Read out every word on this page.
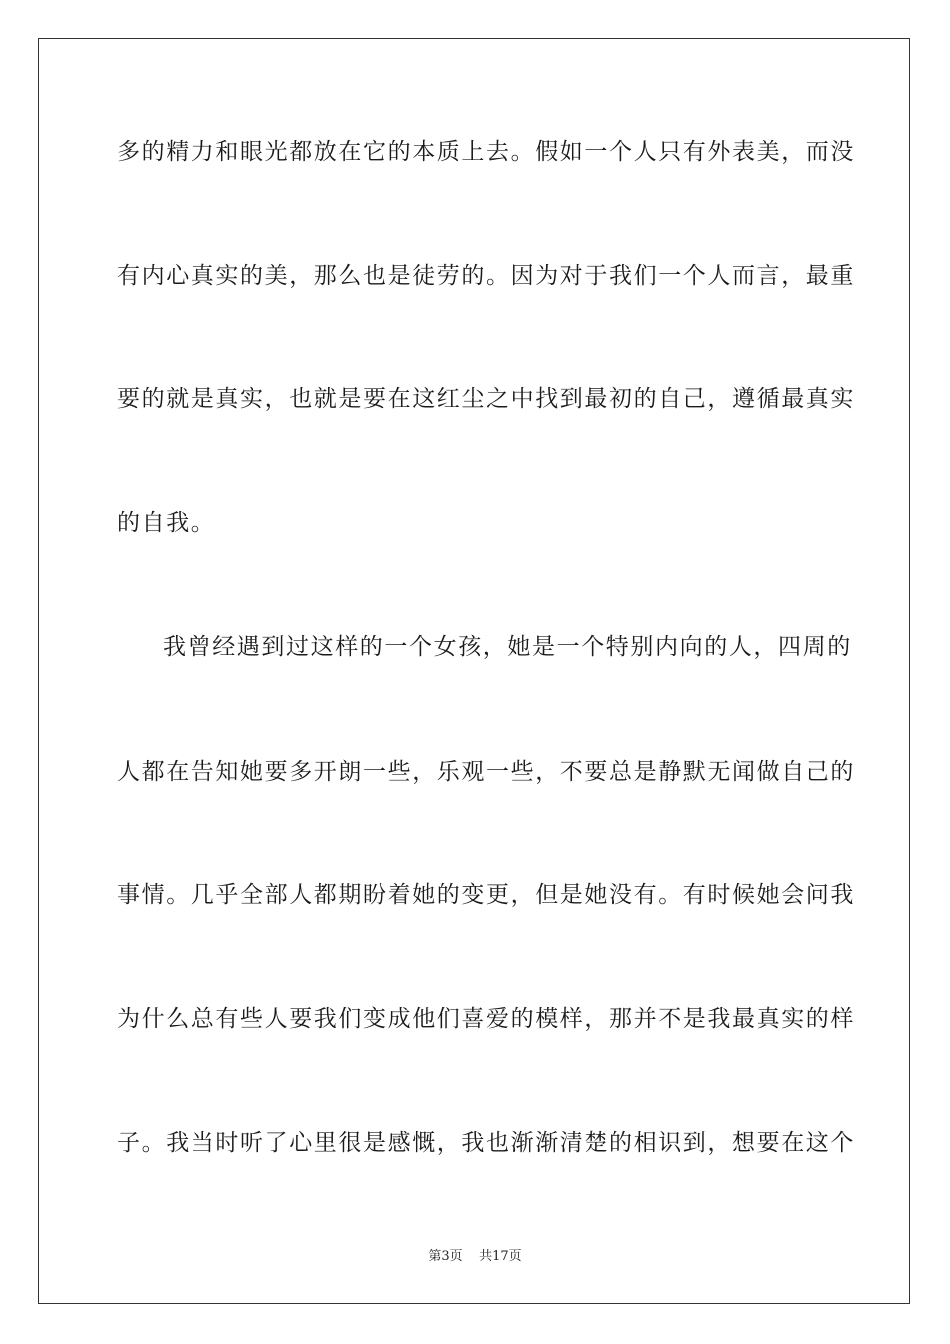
多的精力和眼光都放在它的本质上去。假如一个人只有外表美，而没
有内心真实的美，那么也是徒劳的。因为对于我们一个人而言，最重
要的就是真实，也就是要在这红尘之中找到最初的自己，遵循最真实
的自我。
我曾经遇到过这样的一个女孩，她是一个特别内向的人，四周的
人都在告知她要多开朗一些，乐观一些，不要总是静默无闻做自己的
事情。几乎全部人都期盼着她的变更，但是她没有。有时候她会问我
为什么总有些人要我们变成他们喜爱的模样，那并不是我最真实的样
子。我当时听了心里很是感慨，我也渐渐清楚的相识到，想要在这个
第3页 共17页
